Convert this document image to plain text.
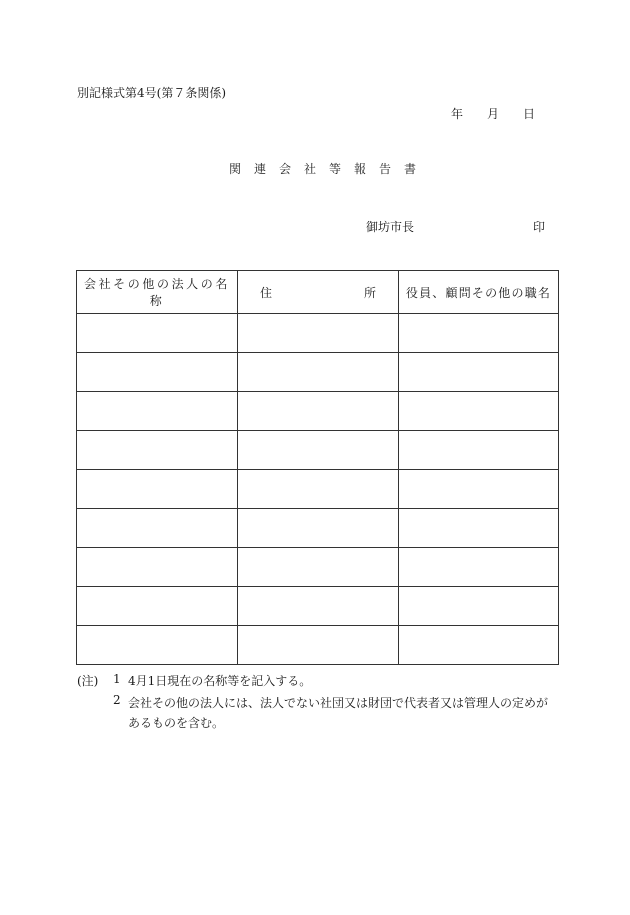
別記様式第4号(第７条関係)
年 月 日
関連会社等報告書
御坊市長	印
会社その他の法人の名称	住 所	役員、顧問その他の職名

(注) 1 4月1日現在の名称等を記入する。
2 会社その他の法人には、法人でない社団又は財団で代表者又は管理人の定めがあるものを含む。
